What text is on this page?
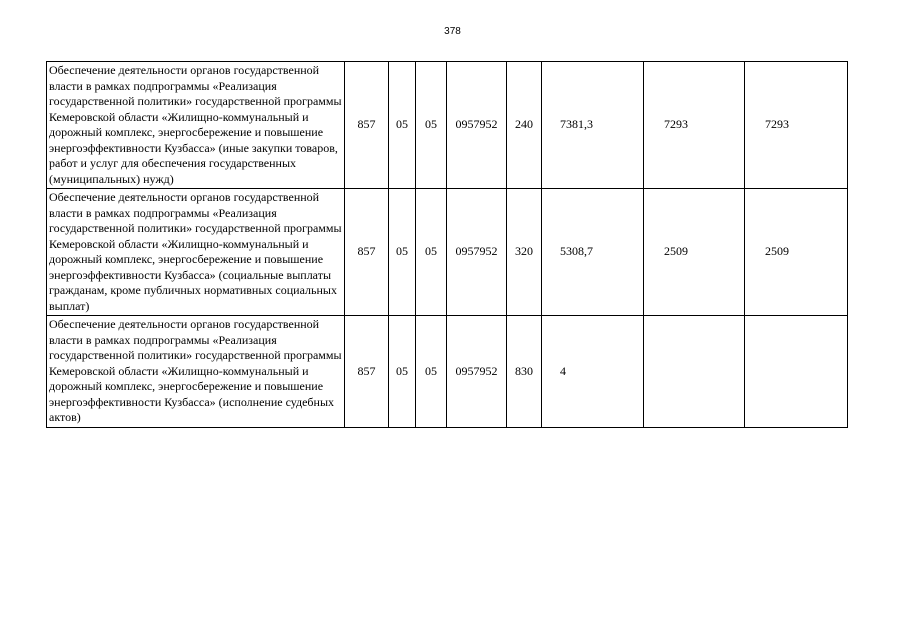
378
Обеспечение деятельности органов государственной власти в рамках подпрограммы «Реализация государственной политики» государственной программы Кемеровской области «Жилищно-коммунальный и дорожный комплекс, энергосбережение и повышение энергоэффективности Кузбасса» (иные закупки товаров, работ и услуг для обеспечения государственных (муниципальных) нужд)	857	05	05	0957952	240	7381,3	7293	7293
Обеспечение деятельности органов государственной власти в рамках подпрограммы «Реализация государственной политики» государственной программы Кемеровской области «Жилищно-коммунальный и дорожный комплекс, энергосбережение и повышение энергоэффективности Кузбасса» (социальные выплаты гражданам, кроме публичных нормативных социальных выплат)	857	05	05	0957952	320	5308,7	2509	2509
Обеспечение деятельности органов государственной власти в рамках подпрограммы «Реализация государственной политики» государственной программы Кемеровской области «Жилищно-коммунальный и дорожный комплекс, энергосбережение и повышение энергоэффективности Кузбасса» (исполнение судебных актов)	857	05	05	0957952	830	4		
